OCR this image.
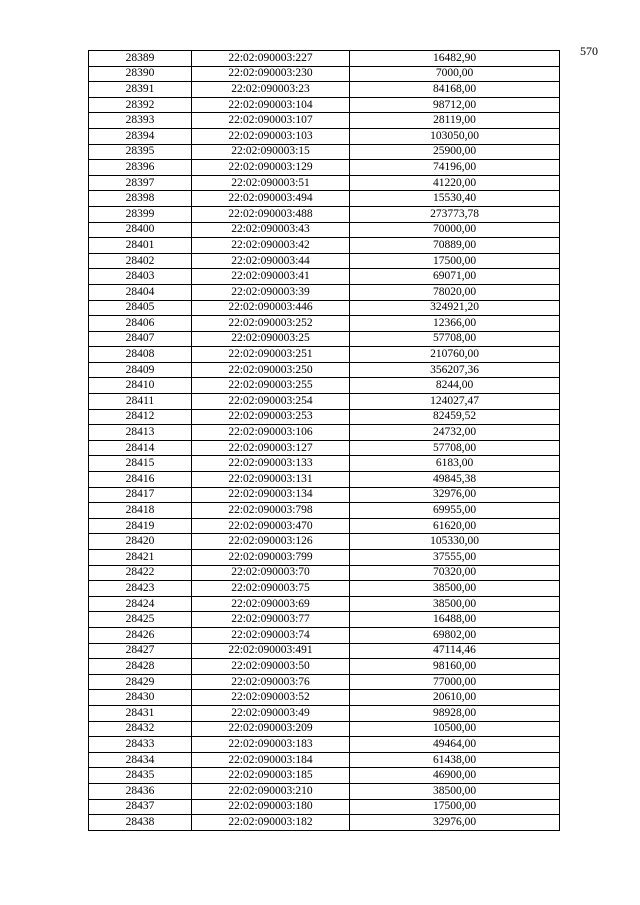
570
28389	22:02:090003:227	16482,90
28390	22:02:090003:230	7000,00
28391	22:02:090003:23	84168,00
28392	22:02:090003:104	98712,00
28393	22:02:090003:107	28119,00
28394	22:02:090003:103	103050,00
28395	22:02:090003:15	25900,00
28396	22:02:090003:129	74196,00
28397	22:02:090003:51	41220,00
28398	22:02:090003:494	15530,40
28399	22:02:090003:488	273773,78
28400	22:02:090003:43	70000,00
28401	22:02:090003:42	70889,00
28402	22:02:090003:44	17500,00
28403	22:02:090003:41	69071,00
28404	22:02:090003:39	78020,00
28405	22:02:090003:446	324921,20
28406	22:02:090003:252	12366,00
28407	22:02:090003:25	57708,00
28408	22:02:090003:251	210760,00
28409	22:02:090003:250	356207,36
28410	22:02:090003:255	8244,00
28411	22:02:090003:254	124027,47
28412	22:02:090003:253	82459,52
28413	22:02:090003:106	24732,00
28414	22:02:090003:127	57708,00
28415	22:02:090003:133	6183,00
28416	22:02:090003:131	49845,38
28417	22:02:090003:134	32976,00
28418	22:02:090003:798	69955,00
28419	22:02:090003:470	61620,00
28420	22:02:090003:126	105330,00
28421	22:02:090003:799	37555,00
28422	22:02:090003:70	70320,00
28423	22:02:090003:75	38500,00
28424	22:02:090003:69	38500,00
28425	22:02:090003:77	16488,00
28426	22:02:090003:74	69802,00
28427	22:02:090003:491	47114,46
28428	22:02:090003:50	98160,00
28429	22:02:090003:76	77000,00
28430	22:02:090003:52	20610,00
28431	22:02:090003:49	98928,00
28432	22:02:090003:209	10500,00
28433	22:02:090003:183	49464,00
28434	22:02:090003:184	61438,00
28435	22:02:090003:185	46900,00
28436	22:02:090003:210	38500,00
28437	22:02:090003:180	17500,00
28438	22:02:090003:182	32976,00
